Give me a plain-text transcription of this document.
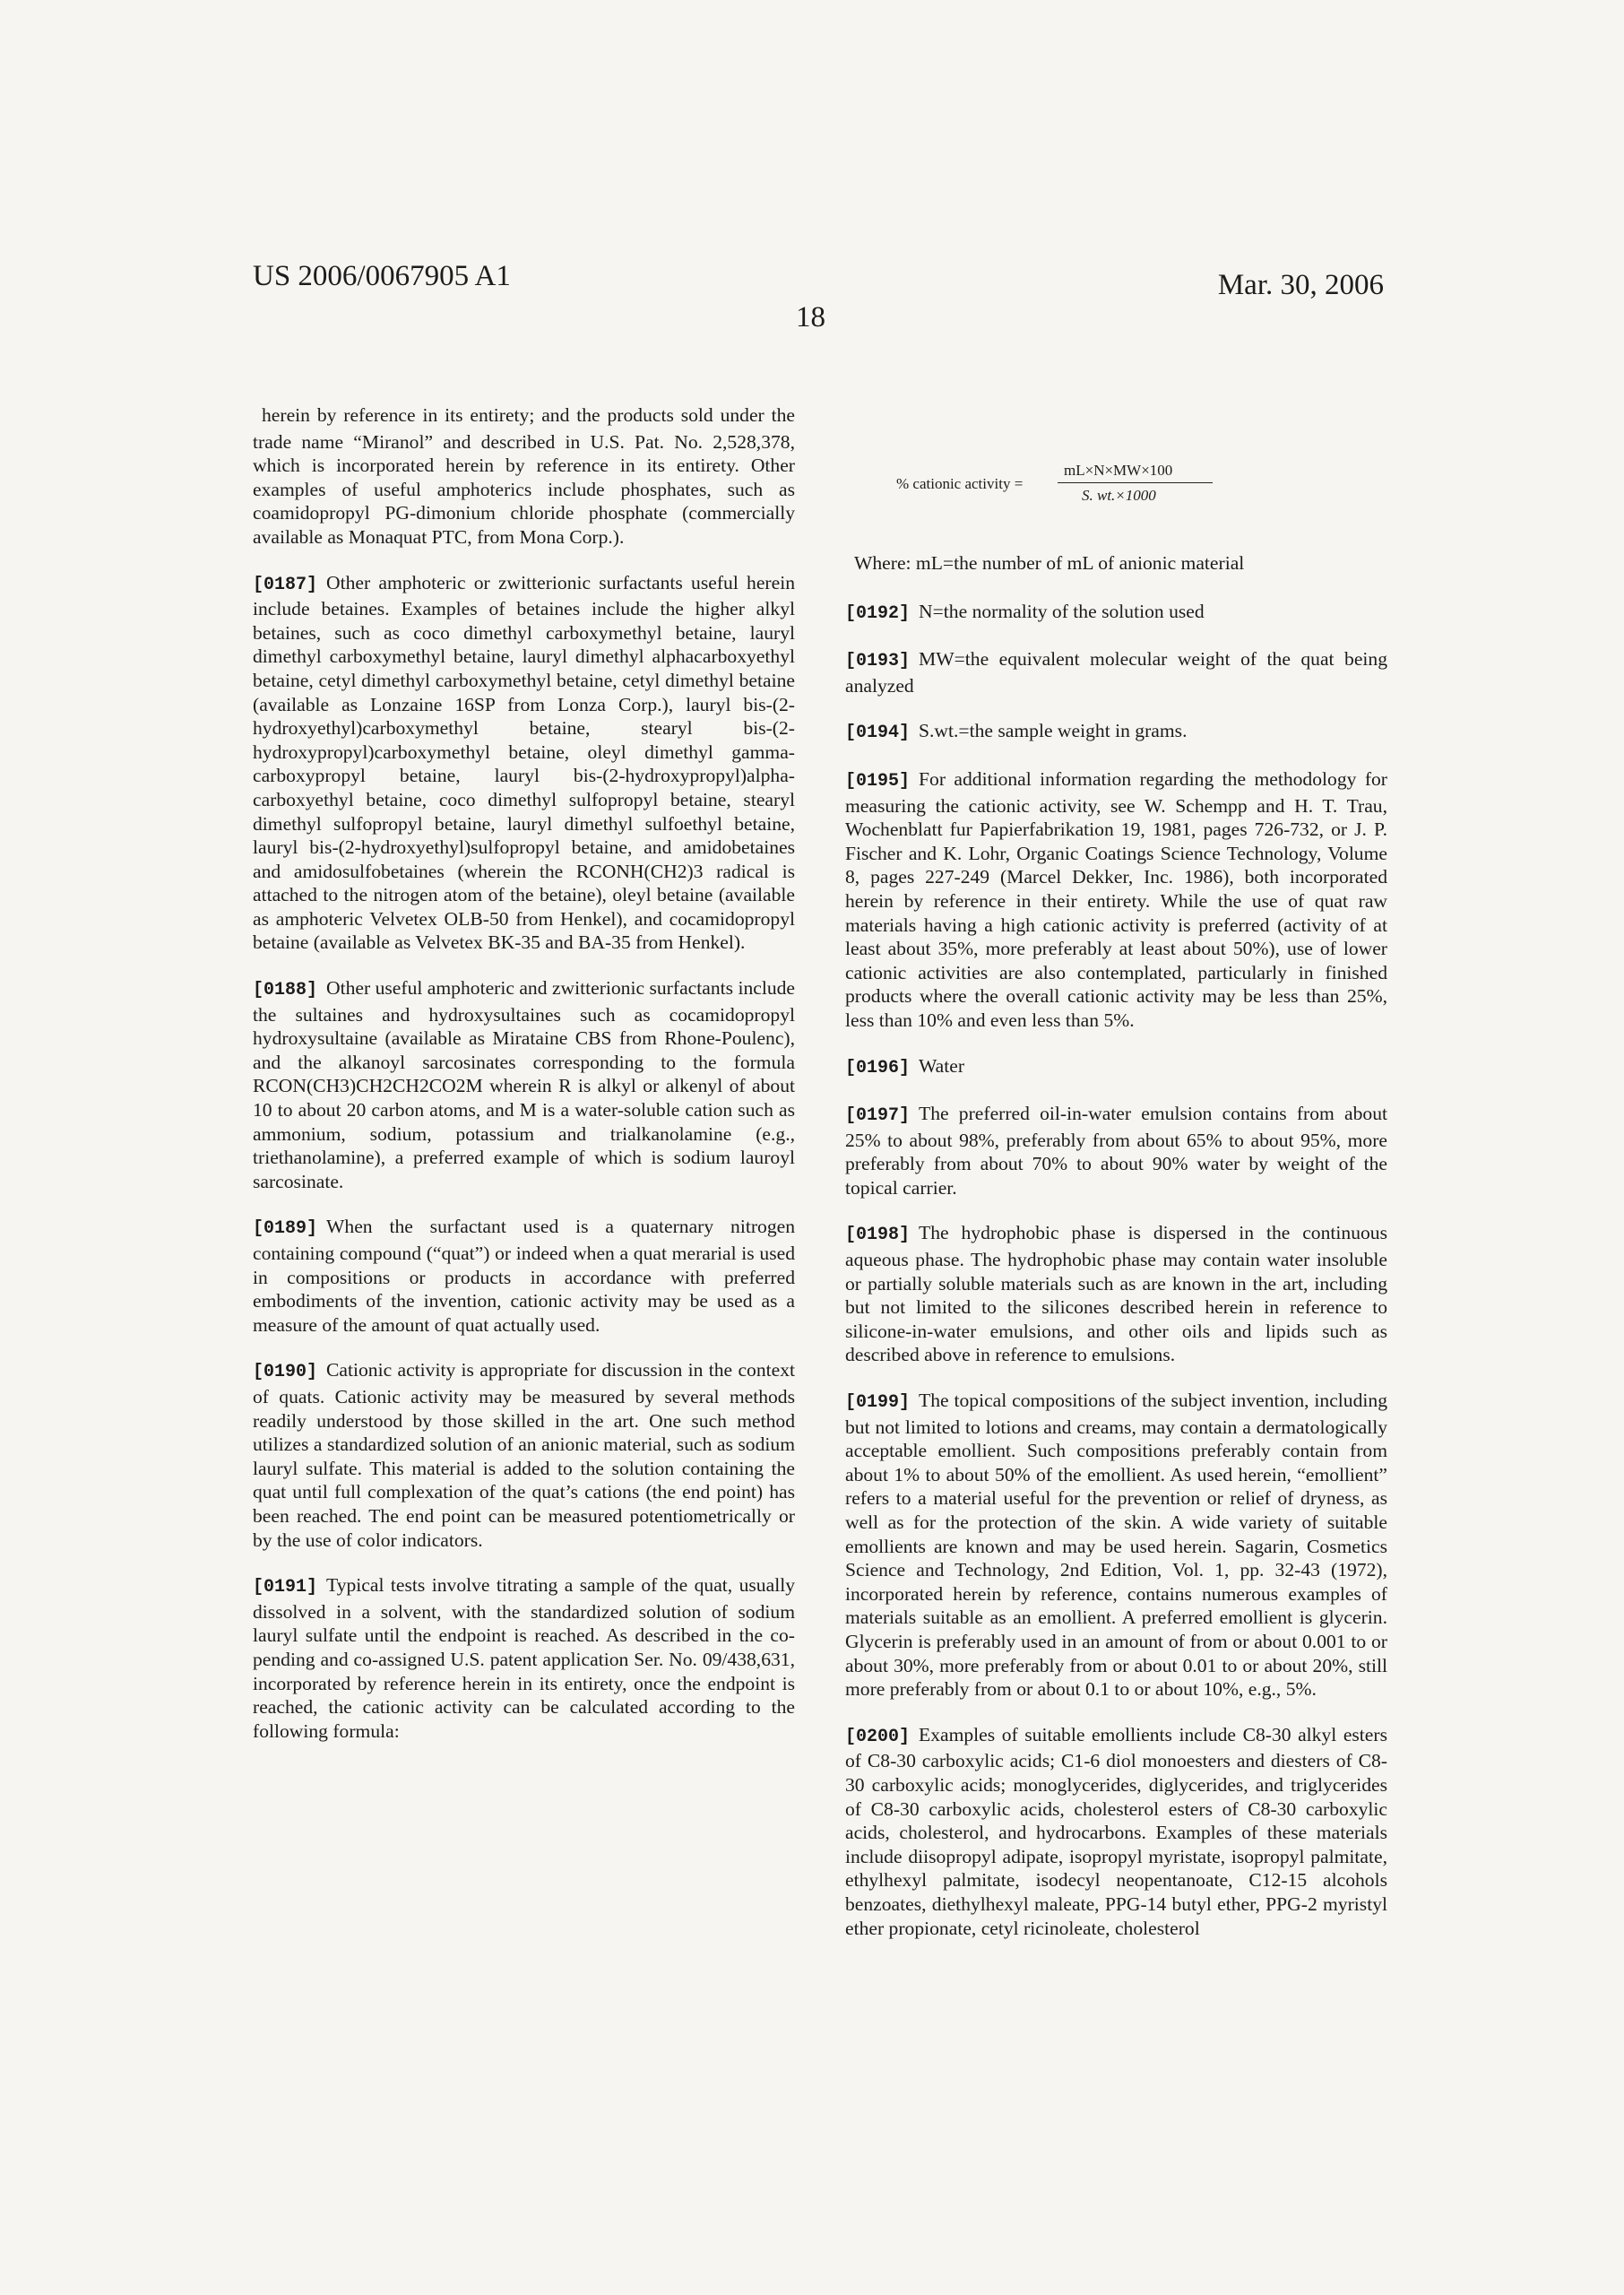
US 2006/0067905 A1	Mar. 30, 2006
18
% cationic activity =
mL×N×MW×100
S. wt.×1000

herein by reference in its entirety; and the products sold under the trade name “Miranol” and described in U.S. Pat. No. 2,528,378, which is incorporated herein by reference in its entirety. Other examples of useful amphoterics include phosphates, such as coamidopropyl PG-dimonium chloride phosphate (commercially available as Monaquat PTC, from Mona Corp.).

[0187] Other amphoteric or zwitterionic surfactants useful herein include betaines. Examples of betaines include the higher alkyl betaines, such as coco dimethyl carboxymethyl betaine, lauryl dimethyl carboxymethyl betaine, lauryl dimethyl alphacarboxyethyl betaine, cetyl dimethyl carboxymethyl betaine, cetyl dimethyl betaine (available as Lonzaine 16SP from Lonza Corp.), lauryl bis-(2-hydroxyethyl)carboxymethyl betaine, stearyl bis-(2-hydroxypropyl)carboxymethyl betaine, oleyl dimethyl gamma-carboxypropyl betaine, lauryl bis-(2-hydroxypropyl)alpha-carboxyethyl betaine, coco dimethyl sulfopropyl betaine, stearyl dimethyl sulfopropyl betaine, lauryl dimethyl sulfoethyl betaine, lauryl bis-(2-hydroxyethyl)sulfopropyl betaine, and amidobetaines and amidosulfobetaines (wherein the RCONH(CH2)3 radical is attached to the nitrogen atom of the betaine), oleyl betaine (available as amphoteric Velvetex OLB-50 from Henkel), and cocamidopropyl betaine (available as Velvetex BK-35 and BA-35 from Henkel).

[0188] Other useful amphoteric and zwitterionic surfactants include the sultaines and hydroxysultaines such as cocamidopropyl hydroxysultaine (available as Mirataine CBS from Rhone-Poulenc), and the alkanoyl sarcosinates corresponding to the formula RCON(CH3)CH2CH2CO2M wherein R is alkyl or alkenyl of about 10 to about 20 carbon atoms, and M is a water-soluble cation such as ammonium, sodium, potassium and trialkanolamine (e.g., triethanolamine), a preferred example of which is sodium lauroyl sarcosinate.

[0189] When the surfactant used is a quaternary nitrogen containing compound (“quat”) or indeed when a quat merarial is used in compositions or products in accordance with preferred embodiments of the invention, cationic activity may be used as a measure of the amount of quat actually used.

[0190] Cationic activity is appropriate for discussion in the context of quats. Cationic activity may be measured by several methods readily understood by those skilled in the art. One such method utilizes a standardized solution of an anionic material, such as sodium lauryl sulfate. This material is added to the solution containing the quat until full complexation of the quat’s cations (the end point) has been reached. The end point can be measured potentiometrically or by the use of color indicators.

[0191] Typical tests involve titrating a sample of the quat, usually dissolved in a solvent, with the standardized solution of sodium lauryl sulfate until the endpoint is reached. As described in the co-pending and co-assigned U.S. patent application Ser. No. 09/438,631, incorporated by reference herein in its entirety, once the endpoint is reached, the cationic activity can be calculated according to the following formula:

Where: mL=the number of mL of anionic material

[0192] N=the normality of the solution used

[0193] MW=the equivalent molecular weight of the quat being analyzed

[0194] S.wt.=the sample weight in grams.

[0195] For additional information regarding the methodology for measuring the cationic activity, see W. Schempp and H. T. Trau, Wochenblatt fur Papierfabrikation 19, 1981, pages 726-732, or J. P. Fischer and K. Lohr, Organic Coatings Science Technology, Volume 8, pages 227-249 (Marcel Dekker, Inc. 1986), both incorporated herein by reference in their entirety. While the use of quat raw materials having a high cationic activity is preferred (activity of at least about 35%, more preferably at least about 50%), use of lower cationic activities are also contemplated, particularly in finished products where the overall cationic activity may be less than 25%, less than 10% and even less than 5%.

[0196] Water

[0197] The preferred oil-in-water emulsion contains from about 25% to about 98%, preferably from about 65% to about 95%, more preferably from about 70% to about 90% water by weight of the topical carrier.

[0198] The hydrophobic phase is dispersed in the continuous aqueous phase. The hydrophobic phase may contain water insoluble or partially soluble materials such as are known in the art, including but not limited to the silicones described herein in reference to silicone-in-water emulsions, and other oils and lipids such as described above in reference to emulsions.

[0199] The topical compositions of the subject invention, including but not limited to lotions and creams, may contain a dermatologically acceptable emollient. Such compositions preferably contain from about 1% to about 50% of the emollient. As used herein, “emollient” refers to a material useful for the prevention or relief of dryness, as well as for the protection of the skin. A wide variety of suitable emollients are known and may be used herein. Sagarin, Cosmetics Science and Technology, 2nd Edition, Vol. 1, pp. 32-43 (1972), incorporated herein by reference, contains numerous examples of materials suitable as an emollient. A preferred emollient is glycerin. Glycerin is preferably used in an amount of from or about 0.001 to or about 30%, more preferably from or about 0.01 to or about 20%, still more preferably from or about 0.1 to or about 10%, e.g., 5%.

[0200] Examples of suitable emollients include C8-30 alkyl esters of C8-30 carboxylic acids; C1-6 diol monoesters and diesters of C8-30 carboxylic acids; monoglycerides, diglycerides, and triglycerides of C8-30 carboxylic acids, cholesterol esters of C8-30 carboxylic acids, cholesterol, and hydrocarbons. Examples of these materials include diisopropyl adipate, isopropyl myristate, isopropyl palmitate, ethylhexyl palmitate, isodecyl neopentanoate, C12-15 alcohols benzoates, diethylhexyl maleate, PPG-14 butyl ether, PPG-2 myristyl ether propionate, cetyl ricinoleate, cholesterol
